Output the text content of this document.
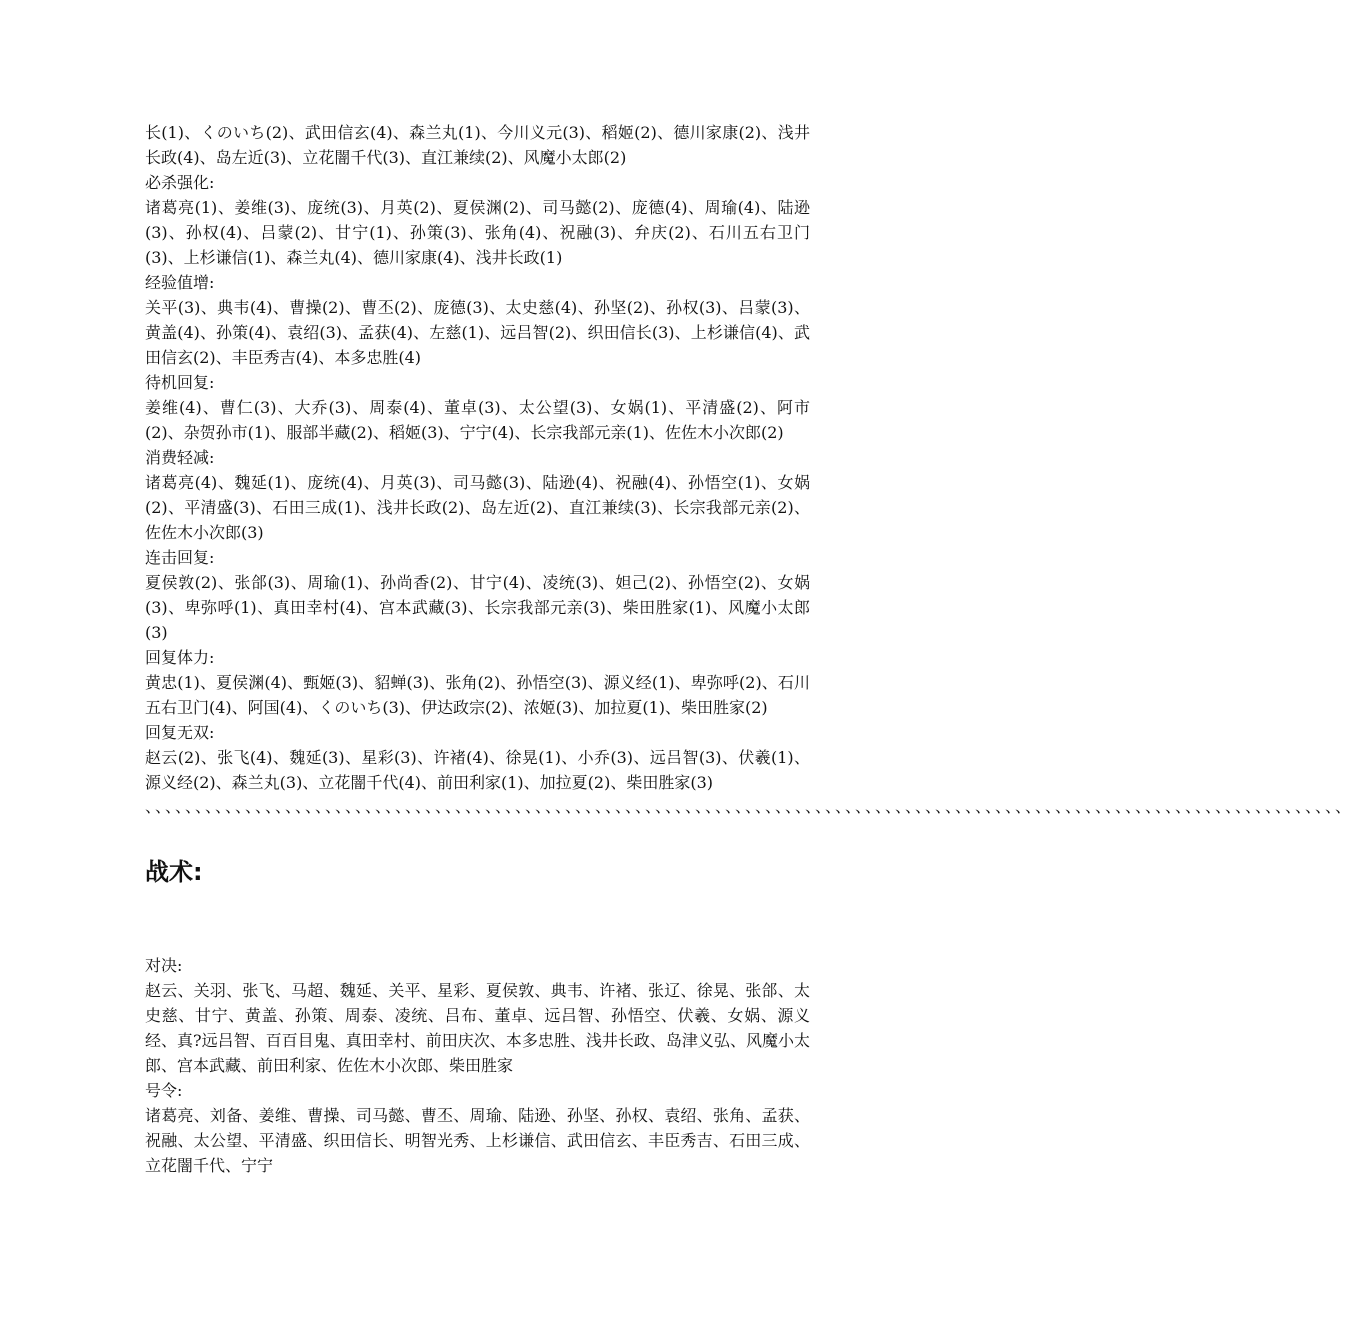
长(1)、くのいち(2)、武田信玄(4)、森兰丸(1)、今川义元(3)、稻姬(2)、德川家康(2)、浅井长政(4)、岛左近(3)、立花闇千代(3)、直江兼续(2)、风魔小太郎(2)

必杀强化:

诸葛亮(1)、姜维(3)、庞统(3)、月英(2)、夏侯渊(2)、司马懿(2)、庞德(4)、周瑜(4)、陆逊(3)、孙权(4)、吕蒙(2)、甘宁(1)、孙策(3)、张角(4)、祝融(3)、弁庆(2)、石川五右卫门(3)、上杉谦信(1)、森兰丸(4)、德川家康(4)、浅井长政(1)

经验值增:

关平(3)、典韦(4)、曹操(2)、曹丕(2)、庞德(3)、太史慈(4)、孙坚(2)、孙权(3)、吕蒙(3)、黄盖(4)、孙策(4)、袁绍(3)、孟获(4)、左慈(1)、远吕智(2)、织田信长(3)、上杉谦信(4)、武田信玄(2)、丰臣秀吉(4)、本多忠胜(4)

待机回复:

姜维(4)、曹仁(3)、大乔(3)、周泰(4)、董卓(3)、太公望(3)、女娲(1)、平清盛(2)、阿市(2)、杂贺孙市(1)、服部半藏(2)、稻姬(3)、宁宁(4)、长宗我部元亲(1)、佐佐木小次郎(2)

消费轻减:

诸葛亮(4)、魏延(1)、庞统(4)、月英(3)、司马懿(3)、陆逊(4)、祝融(4)、孙悟空(1)、女娲(2)、平清盛(3)、石田三成(1)、浅井长政(2)、岛左近(2)、直江兼续(3)、长宗我部元亲(2)、佐佐木小次郎(3)

连击回复:

夏侯敦(2)、张郃(3)、周瑜(1)、孙尚香(2)、甘宁(4)、凌统(3)、妲己(2)、孙悟空(2)、女娲(3)、卑弥呼(1)、真田幸村(4)、宫本武藏(3)、长宗我部元亲(3)、柴田胜家(1)、风魔小太郎(3)

回复体力:

黄忠(1)、夏侯渊(4)、甄姬(3)、貂蝉(3)、张角(2)、孙悟空(3)、源义经(1)、卑弥呼(2)、石川五右卫门(4)、阿国(4)、くのいち(3)、伊达政宗(2)、浓姬(3)、加拉夏(1)、柴田胜家(2)

回复无双:

赵云(2)、张飞(4)、魏延(3)、星彩(3)、许褚(4)、徐晃(1)、小乔(3)、远吕智(3)、伏羲(1)、源义经(2)、森兰丸(3)、立花闇千代(4)、前田利家(1)、加拉夏(2)、柴田胜家(3)

、、、、、、、、、、、、、、、、、、、、、、、、、、、、、、、、、、、、、、、、、、、、、、、、、、、、、、、、、、、、、、、、、、、、、、、、、、、、、、、、、、、、、、、、、、、、、、、、、、、、、、、、、、、、、、、、、、、、、、、、

战术:

对决:

赵云、关羽、张飞、马超、魏延、关平、星彩、夏侯敦、典韦、许褚、张辽、徐晃、张郃、太史慈、甘宁、黄盖、孙策、周泰、凌统、吕布、董卓、远吕智、孙悟空、伏羲、女娲、源义经、真?远吕智、百百目鬼、真田幸村、前田庆次、本多忠胜、浅井长政、岛津义弘、风魔小太郎、宫本武藏、前田利家、佐佐木小次郎、柴田胜家

号令:

诸葛亮、刘备、姜维、曹操、司马懿、曹丕、周瑜、陆逊、孙坚、孙权、袁绍、张角、孟获、祝融、太公望、平清盛、织田信长、明智光秀、上杉谦信、武田信玄、丰臣秀吉、石田三成、立花闇千代、宁宁
